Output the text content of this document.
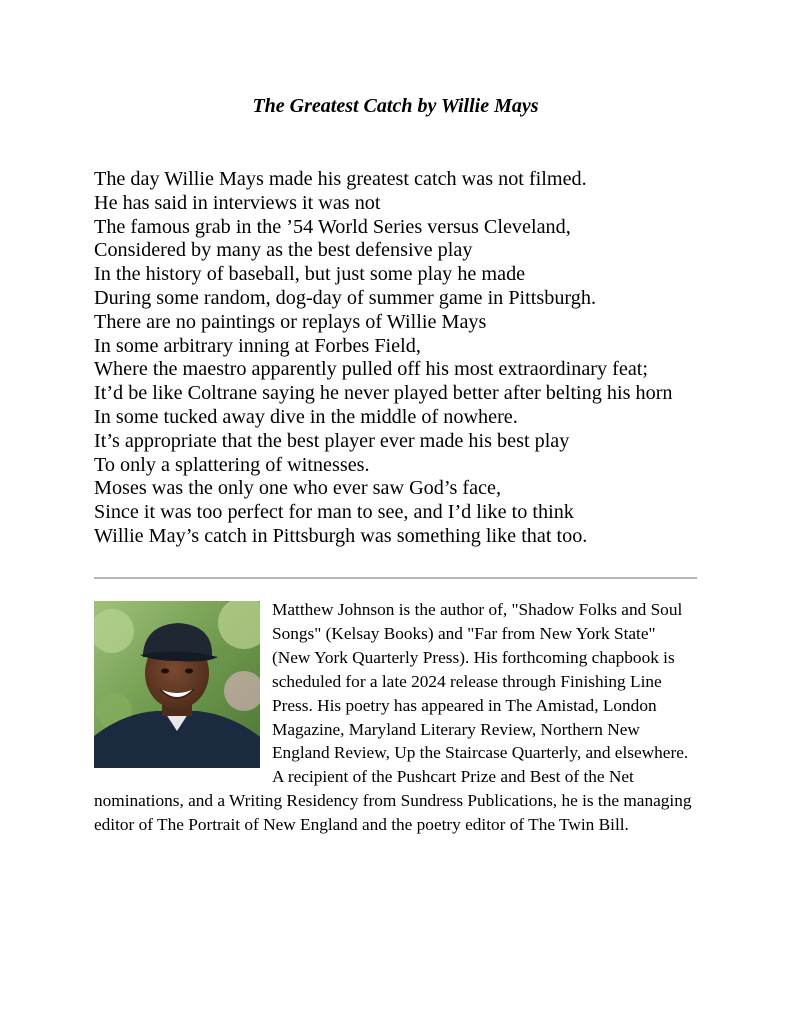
The Greatest Catch by Willie Mays
The day Willie Mays made his greatest catch was not filmed.
He has said in interviews it was not
The famous grab in the ’54 World Series versus Cleveland,
Considered by many as the best defensive play
In the history of baseball, but just some play he made
During some random, dog-day of summer game in Pittsburgh.
There are no paintings or replays of Willie Mays
In some arbitrary inning at Forbes Field,
Where the maestro apparently pulled off his most extraordinary feat;
It’d be like Coltrane saying he never played better after belting his horn
In some tucked away dive in the middle of nowhere.
It’s appropriate that the best player ever made his best play
To only a splattering of witnesses.
Moses was the only one who ever saw God’s face,
Since it was too perfect for man to see, and I’d like to think
Willie May’s catch in Pittsburgh was something like that too.
Matthew Johnson is the author of, "Shadow Folks and Soul Songs" (Kelsay Books) and "Far from New York State" (New York Quarterly Press). His forthcoming chapbook is scheduled for a late 2024 release through Finishing Line Press. His poetry has appeared in The Amistad, London Magazine, Maryland Literary Review, Northern New England Review, Up the Staircase Quarterly, and elsewhere. A recipient of the Pushcart Prize and Best of the Net nominations, and a Writing Residency from Sundress Publications, he is the managing editor of The Portrait of New England and the poetry editor of The Twin Bill.
